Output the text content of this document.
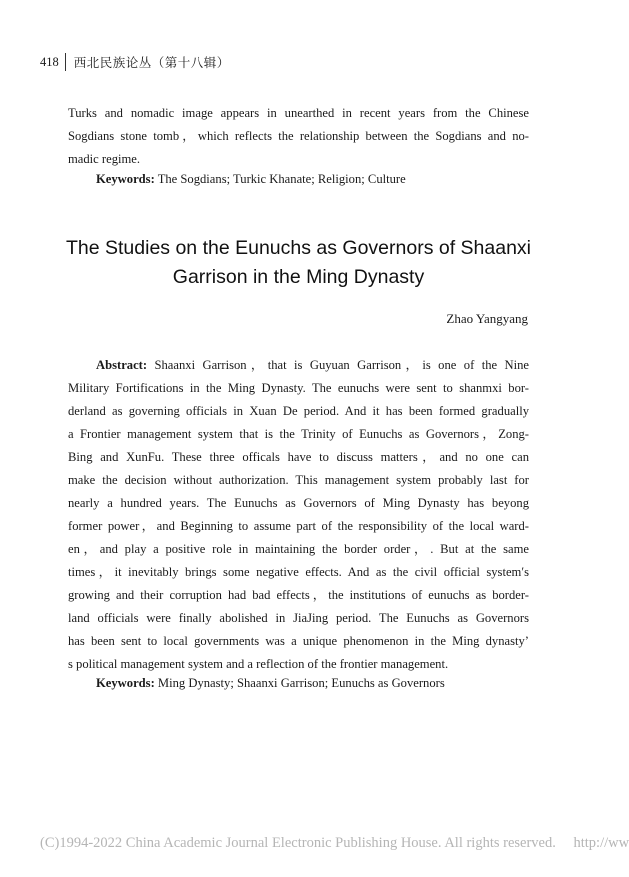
418 西北民族论丛（第十八辑）
Turks and nomadic image appears in unearthed in recent years from the Chinese
Sogdians stone tomb，which reflects the relationship between the Sogdians and no-
madic regime.
Keywords: The Sogdians; Turkic Khanate; Religion; Culture
The Studies on the Eunuchs as Governors of Shaanxi
Garrison in the Ming Dynasty
Zhao Yangyang
Abstract: Shaanxi Garrison，that is Guyuan Garrison，is one of the Nine
Military Fortifications in the Ming Dynasty. The eunuchs were sent to shanmxi bor-
derland as governing officials in Xuan De period. And it has been formed gradually
a Frontier management system that is the Trinity of Eunuchs as Governors，Zong-
Bing and XunFu. These three officals have to discuss matters，and no one can
make the decision without authorization. This management system probably last for
nearly a hundred years. The Eunuchs as Governors of Ming Dynasty has beyong
former power，and Beginning to assume part of the responsibility of the local ward-
en，and play a positive role in maintaining the border order，. But at the same
times，it inevitably brings some negative effects. And as the civil official system′s
growing and their corruption had bad effects，the institutions of eunuchs as border-
land officials were finally abolished in JiaJing period. The Eunuchs as Governors
has been sent to local governments was a unique phenomenon in the Ming dynasty’
s political management system and a reflection of the frontier management.
Keywords: Ming Dynasty; Shaanxi Garrison; Eunuchs as Governors
(C)1994-2022 China Academic Journal Electronic Publishing House. All rights reserved. http://ww
